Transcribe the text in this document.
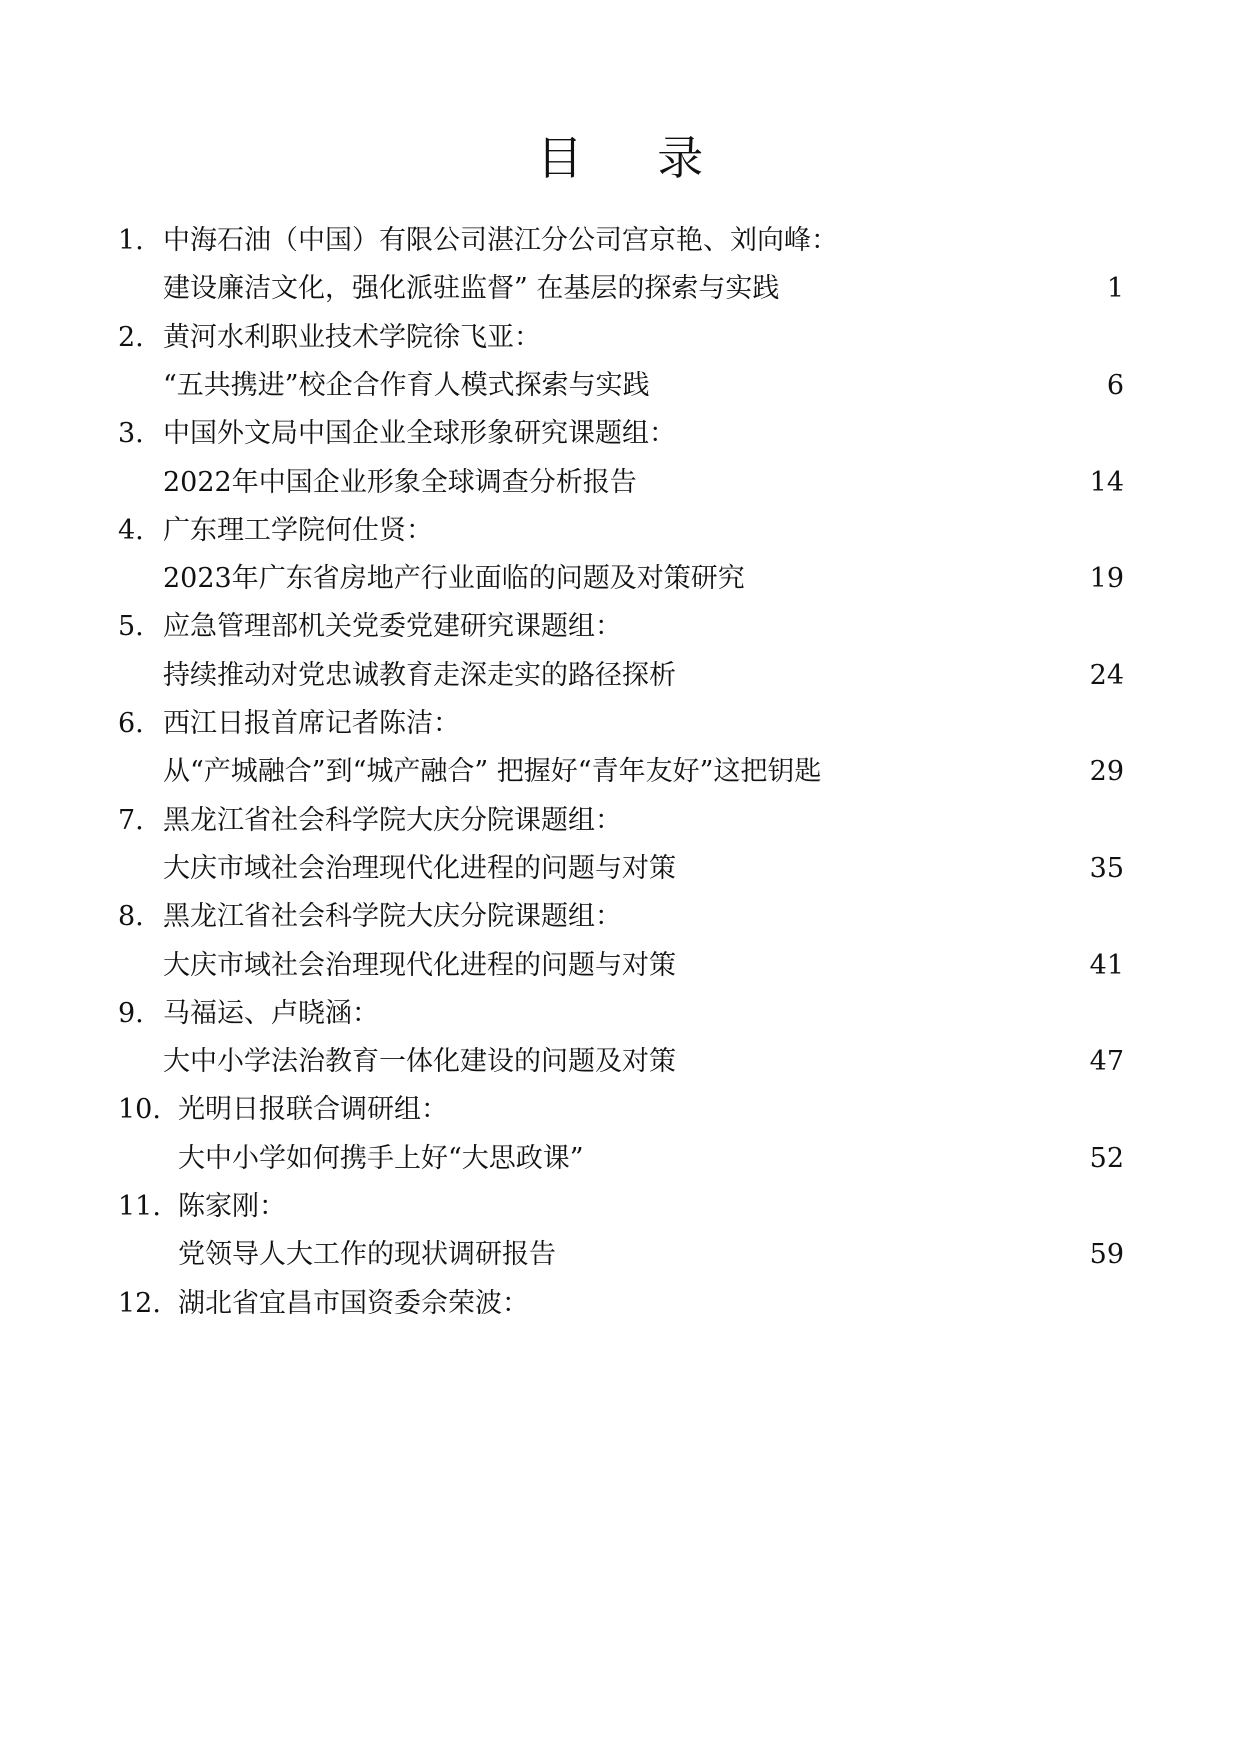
目 录
1. 中海石油（中国）有限公司湛江分公司宫京艳、刘向峰：
建设廉洁文化，强化派驻监督” 在基层的探索与实践	1
2. 黄河水利职业技术学院徐飞亚：
“五共携进”校企合作育人模式探索与实践	6
3. 中国外文局中国企业全球形象研究课题组：
2022年中国企业形象全球调查分析报告	14
4. 广东理工学院何仕贤：
2023年广东省房地产行业面临的问题及对策研究	19
5. 应急管理部机关党委党建研究课题组：
持续推动对党忠诚教育走深走实的路径探析	24
6. 西江日报首席记者陈洁：
从“产城融合”到“城产融合” 把握好“青年友好”这把钥匙	29
7. 黑龙江省社会科学院大庆分院课题组：
大庆市域社会治理现代化进程的问题与对策	35
8. 黑龙江省社会科学院大庆分院课题组：
大庆市域社会治理现代化进程的问题与对策	41
9. 马福运、卢晓涵：
大中小学法治教育一体化建设的问题及对策	47
10. 光明日报联合调研组：
大中小学如何携手上好“大思政课”	52
11. 陈家刚：
党领导人大工作的现状调研报告	59
12. 湖北省宜昌市国资委佘荣波：
